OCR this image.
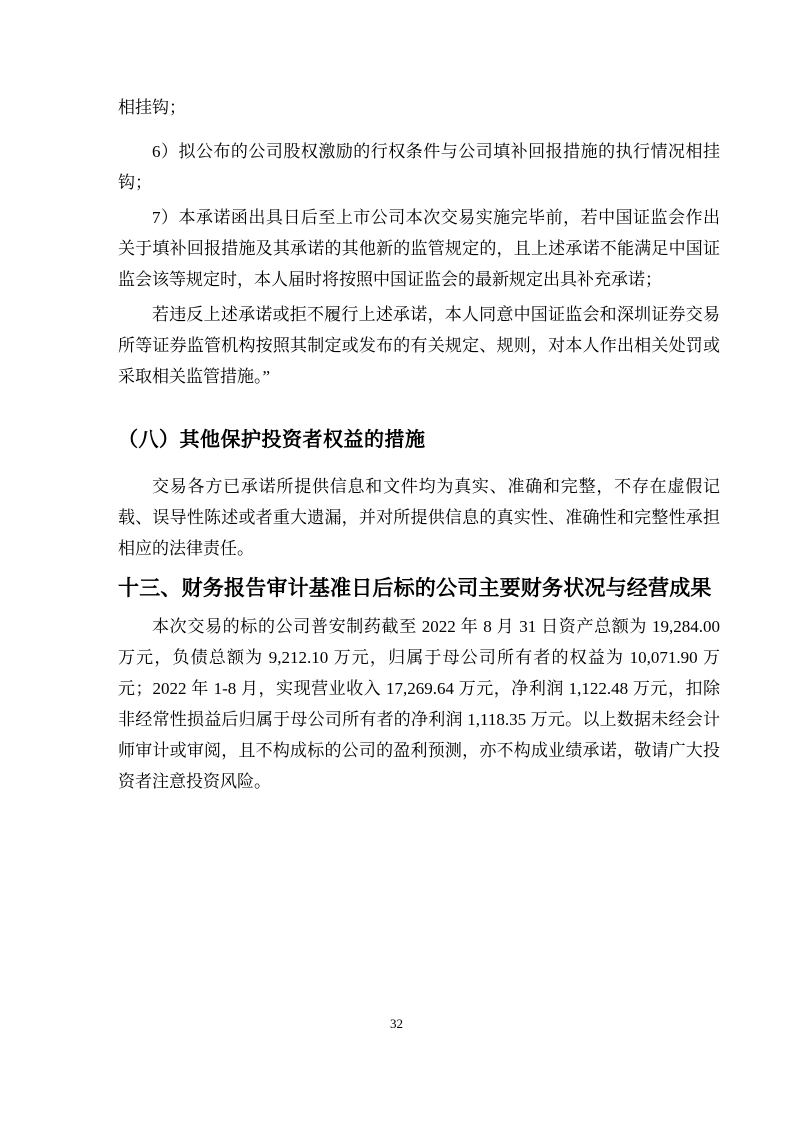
相挂钩；

6）拟公布的公司股权激励的行权条件与公司填补回报措施的执行情况相挂钩；

7）本承诺函出具日后至上市公司本次交易实施完毕前，若中国证监会作出关于填补回报措施及其承诺的其他新的监管规定的，且上述承诺不能满足中国证监会该等规定时，本人届时将按照中国证监会的最新规定出具补充承诺；

若违反上述承诺或拒不履行上述承诺，本人同意中国证监会和深圳证券交易所等证券监管机构按照其制定或发布的有关规定、规则，对本人作出相关处罚或采取相关监管措施。”

（八）其他保护投资者权益的措施

交易各方已承诺所提供信息和文件均为真实、准确和完整，不存在虚假记载、误导性陈述或者重大遗漏，并对所提供信息的真实性、准确性和完整性承担相应的法律责任。

十三、财务报告审计基准日后标的公司主要财务状况与经营成果

本次交易的标的公司普安制药截至 2022 年 8 月 31 日资产总额为 19,284.00 万元，负债总额为 9,212.10 万元，归属于母公司所有者的权益为 10,071.90 万元；2022 年 1-8 月，实现营业收入 17,269.64 万元，净利润 1,122.48 万元，扣除非经常性损益后归属于母公司所有者的净利润 1,118.35 万元。以上数据未经会计师审计或审阅，且不构成标的公司的盈利预测，亦不构成业绩承诺，敬请广大投资者注意投资风险。

32
